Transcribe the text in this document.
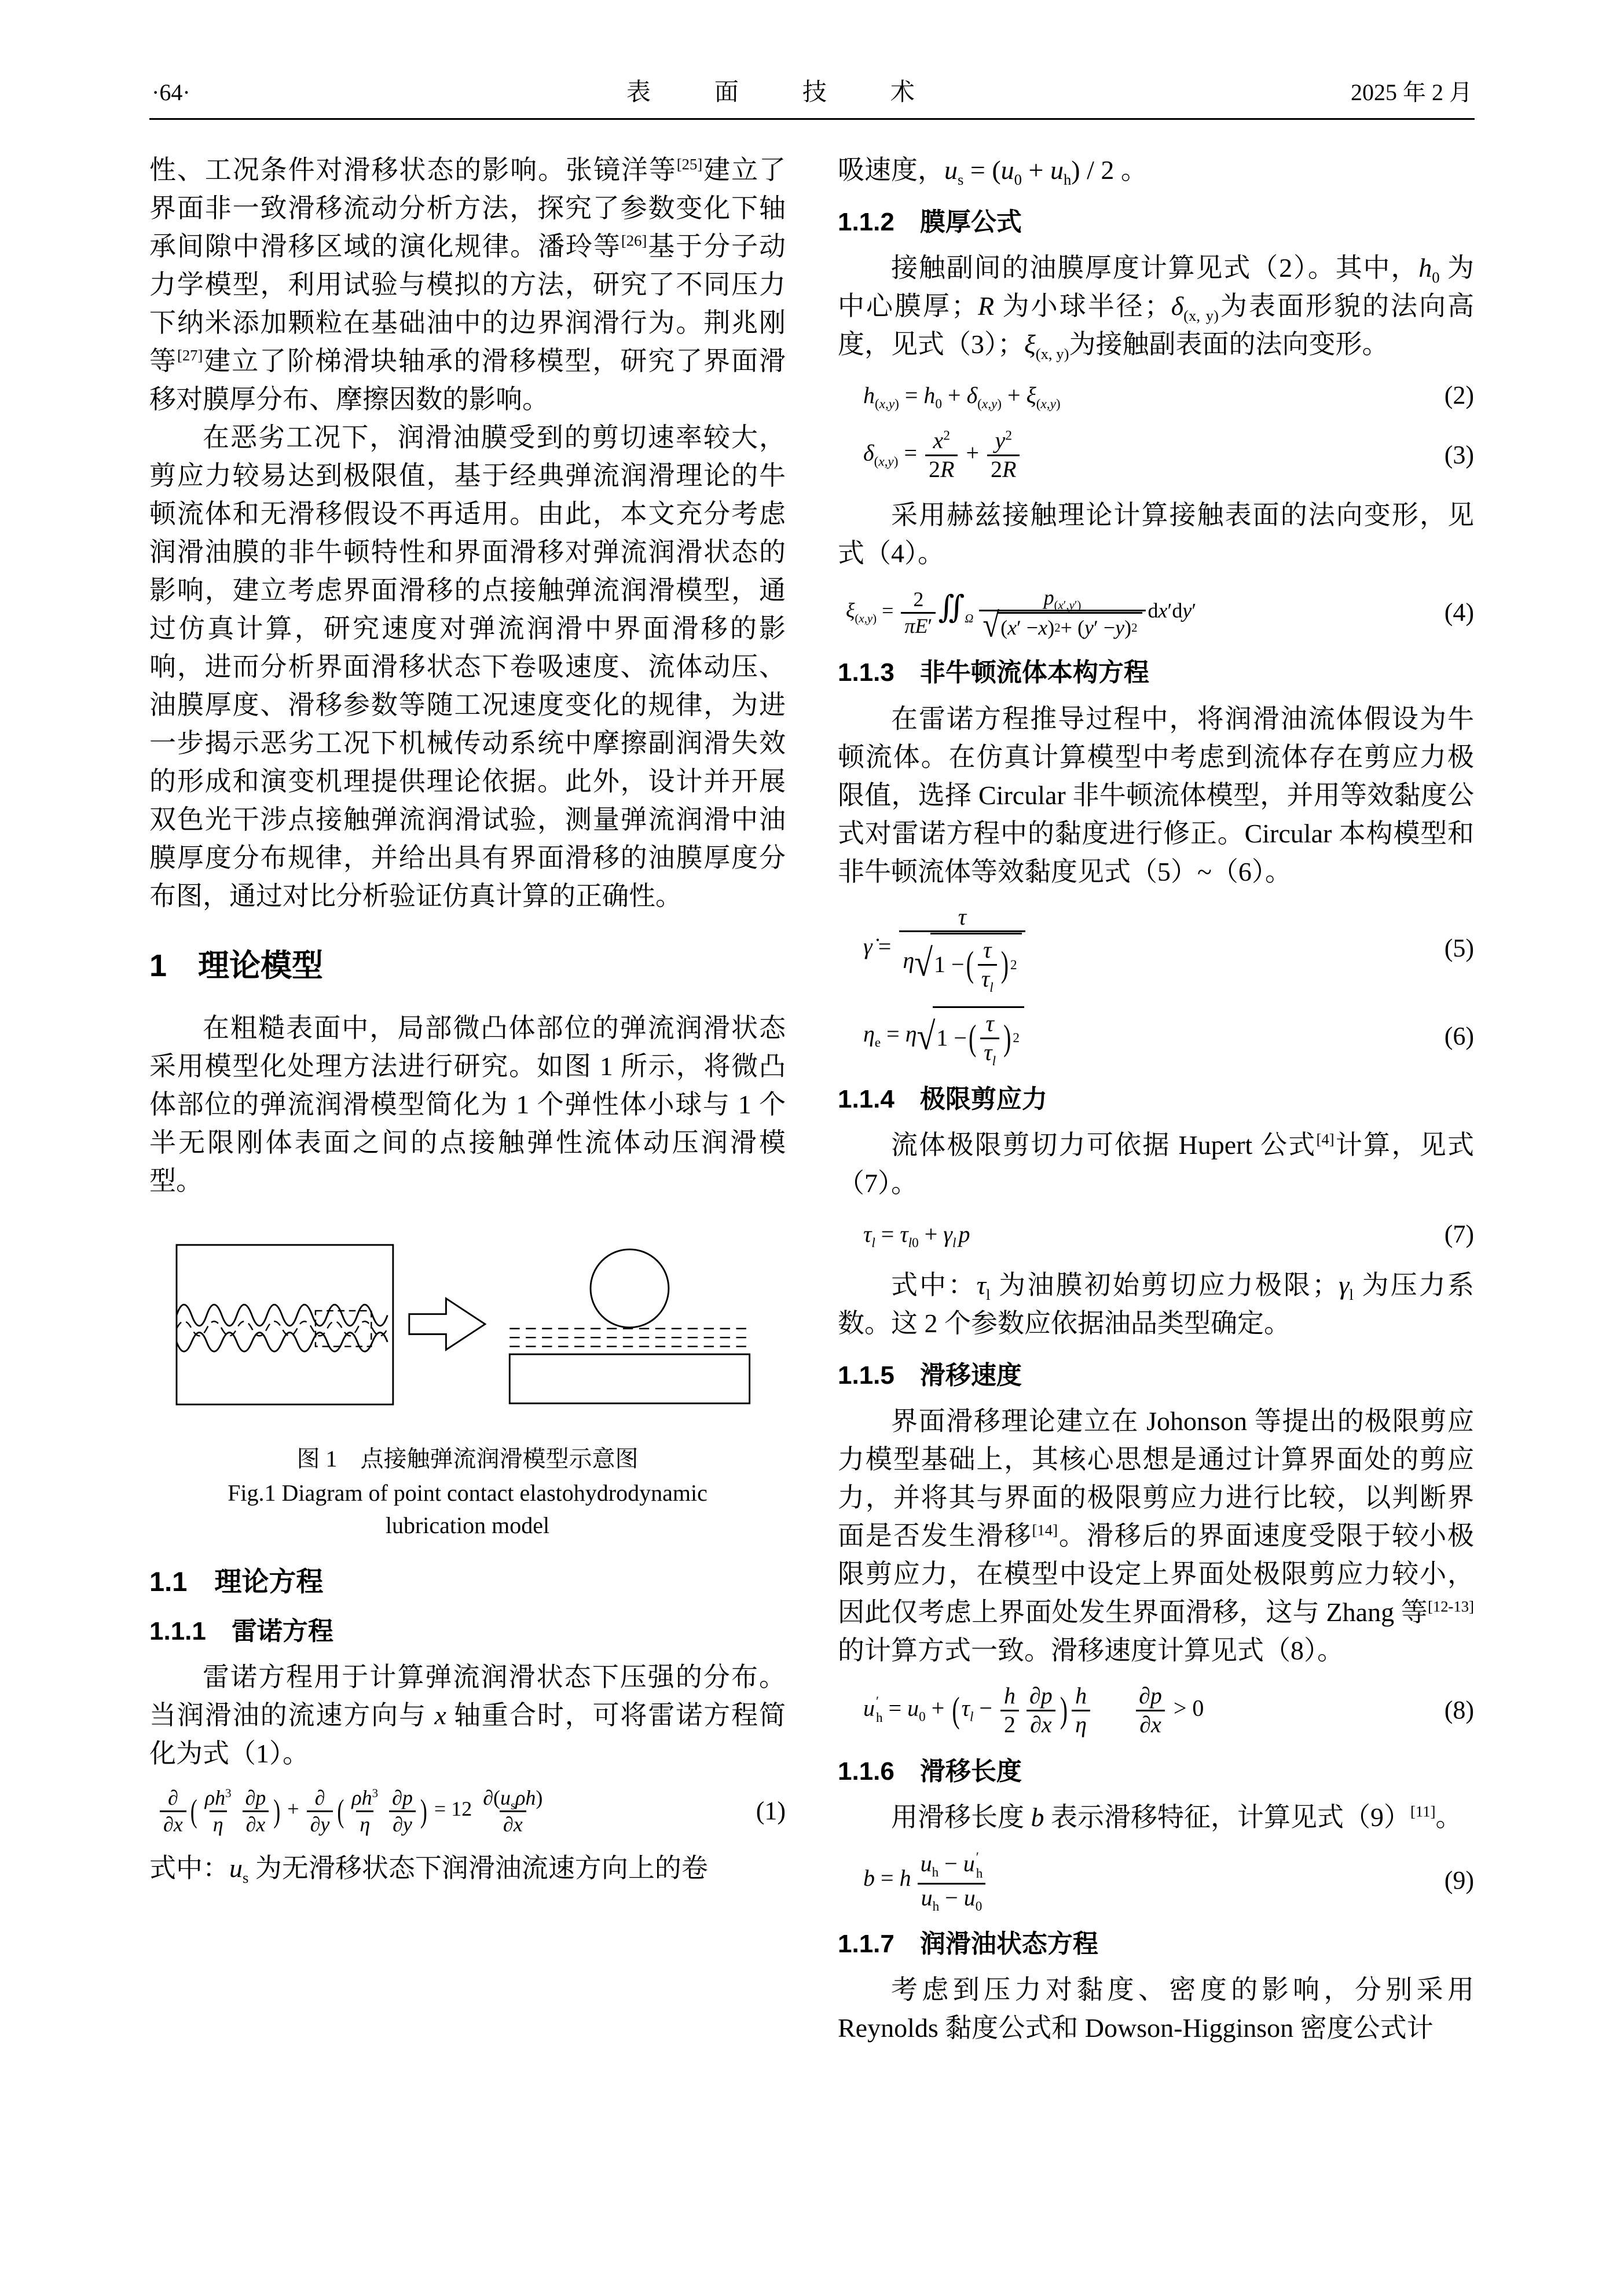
·64·	表　面　技　术	2025 年 2 月

性、工况条件对滑移状态的影响。张镜洋等[25]建立了界面非一致滑移流动分析方法，探究了参数变化下轴承间隙中滑移区域的演化规律。潘玲等[26]基于分子动力学模型，利用试验与模拟的方法，研究了不同压力下纳米添加颗粒在基础油中的边界润滑行为。荆兆刚等[27]建立了阶梯滑块轴承的滑移模型，研究了界面滑移对膜厚分布、摩擦因数的影响。

在恶劣工况下，润滑油膜受到的剪切速率较大，剪应力较易达到极限值，基于经典弹流润滑理论的牛顿流体和无滑移假设不再适用。由此，本文充分考虑润滑油膜的非牛顿特性和界面滑移对弹流润滑状态的影响，建立考虑界面滑移的点接触弹流润滑模型，通过仿真计算，研究速度对弹流润滑中界面滑移的影响，进而分析界面滑移状态下卷吸速度、流体动压、油膜厚度、滑移参数等随工况速度变化的规律，为进一步揭示恶劣工况下机械传动系统中摩擦副润滑失效的形成和演变机理提供理论依据。此外，设计并开展双色光干涉点接触弹流润滑试验，测量弹流润滑中油膜厚度分布规律，并给出具有界面滑移的油膜厚度分布图，通过对比分析验证仿真计算的正确性。

1　理论模型

在粗糙表面中，局部微凸体部位的弹流润滑状态采用模型化处理方法进行研究。如图 1 所示，将微凸体部位的弹流润滑模型简化为 1 个弹性体小球与 1 个半无限刚体表面之间的点接触弹性流体动压润滑模型。

图 1　点接触弹流润滑模型示意图
Fig.1 Diagram of point contact elastohydrodynamic
lubrication model
1.1　理论方程
1.1.1　雷诺方程

雷诺方程用于计算弹流润滑状态下压强的分布。当润滑油的流速方向与 x 轴重合时，可将雷诺方程简化为式（1）。

∂
∂x ( $\frac{\rho h^3}{\eta} \frac{\partial p}{\partial x}$ ) + ∂
∂y ( $\frac{\rho h^3}{\eta} \frac{\partial p}{\partial y}$ ) = 12 $\partial(u_s\rho h)$
∂x	(1)

式中：$u_s$ 为无滑移状态下润滑油流速方向上的卷

吸速度，$u_s = (u_0 + u_h) / 2$ 。

1.1.2　膜厚公式

接触副间的油膜厚度计算见式（2）。其中，$h_0$ 为中心膜厚；R 为小球半径；$\delta_{(x, y)}$为表面形貌的法向高度，见式（3）；$\xi_{(x, y)}$为接触副表面的法向变形。

$h_{(x,y)} = h_0 + \delta_{(x,y)} + \xi_{(x,y)}$	(2)
$\delta_{(x,y)} = \frac{x^2}{2R} + \frac{y^2}{2R}$	(3)

采用赫兹接触理论计算接触表面的法向变形，见式（4）。

$\xi_{(x,y)} = \frac{2}{\pi E'}$ $∬_\Omega \frac{p_{(x',y')}}{√ ( x ' - x ) 2 + ( y ' - y ) 2} dx'dy'$	(4)
1.1.3　非牛顿流体本构方程

在雷诺方程推导过程中，将润滑油流体假设为牛顿流体。在仿真计算模型中考虑到流体存在剪应力极限值，选择 Circular 非牛顿流体模型，并用等效黏度公式对雷诺方程中的黏度进行修正。Circular 本构模型和非牛顿流体等效黏度见式（5）~（6）。

γ̇ =
τ
η √ 1 − ( τ
$\tau_l$
) 2
(5)
$\eta_e = \eta$ √ 1 − ( τ
$\tau_l$
) 2	(6)
1.1.4　极限剪应力

流体极限剪切力可依据 Hupert 公式[4]计算，见式（7）。

$\tau_l = \tau_{l0} + \gamma_l$ p	(7)

式中：$\tau_l$ 为油膜初始剪切应力极限；$\gamma_l$ 为压力系数。这 2 个参数应依据油品类型确定。

1.1.5　滑移速度

界面滑移理论建立在 Johonson 等提出的极限剪应力模型基础上，其核心思想是通过计算界面处的剪应力，并将其与界面的极限剪应力进行比较，以判断界面是否发生滑移[14]。滑移后的界面速度受限于较小极限剪应力，在模型中设定上界面处极限剪应力较小，因此仅考虑上界面处发生界面滑移，这与 Zhang 等[12-13]的计算方式一致。滑移速度计算见式（8）。

u ′
$h = u_0 + (\tau_l - \frac{h}{2} \frac{\partial p}{\partial x}$ ) $\frac{h}{\eta} \frac{\partial p}{\partial x} > 0$	(8)
1.1.6　滑移长度

用滑移长度 b 表示滑移特征，计算见式（9）[11]。

b = h $u_h - u$ ′
h
$u_h - u_0$	(9)
1.1.7　润滑油状态方程

考虑到压力对黏度、密度的影响，分别采用 Reynolds 黏度公式和 Dowson-Higginson 密度公式计
